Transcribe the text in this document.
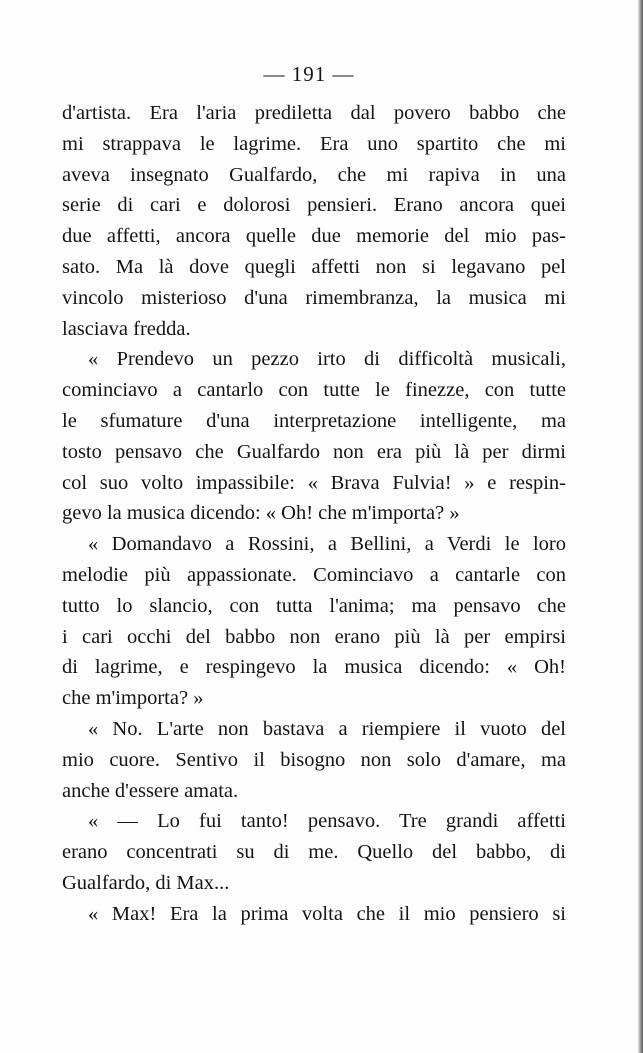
— 191 —
d'artista. Era l'aria prediletta dal povero babbo che
mi strappava le lagrime. Era uno spartito che mi
aveva insegnato Gualfardo, che mi rapiva in una
serie di cari e dolorosi pensieri. Erano ancora quei
due affetti, ancora quelle due memorie del mio pas-
sato. Ma là dove quegli affetti non si legavano pel
vincolo misterioso d'una rimembranza, la musica mi
lasciava fredda.
« Prendevo un pezzo irto di difficoltà musicali,
cominciavo a cantarlo con tutte le finezze, con tutte
le sfumature d'una interpretazione intelligente, ma
tosto pensavo che Gualfardo non era più là per dirmi
col suo volto impassibile: « Brava Fulvia! » e respin-
gevo la musica dicendo: « Oh! che m'importa? »
« Domandavo a Rossini, a Bellini, a Verdi le loro
melodie più appassionate. Cominciavo a cantarle con
tutto lo slancio, con tutta l'anima; ma pensavo che
i cari occhi del babbo non erano più là per empirsi
di lagrime, e respingevo la musica dicendo: « Oh!
che m'importa? »
« No. L'arte non bastava a riempiere il vuoto del
mio cuore. Sentivo il bisogno non solo d'amare, ma
anche d'essere amata.
« — Lo fui tanto! pensavo. Tre grandi affetti
erano concentrati su di me. Quello del babbo, di
Gualfardo, di Max...
« Max! Era la prima volta che il mio pensiero si
